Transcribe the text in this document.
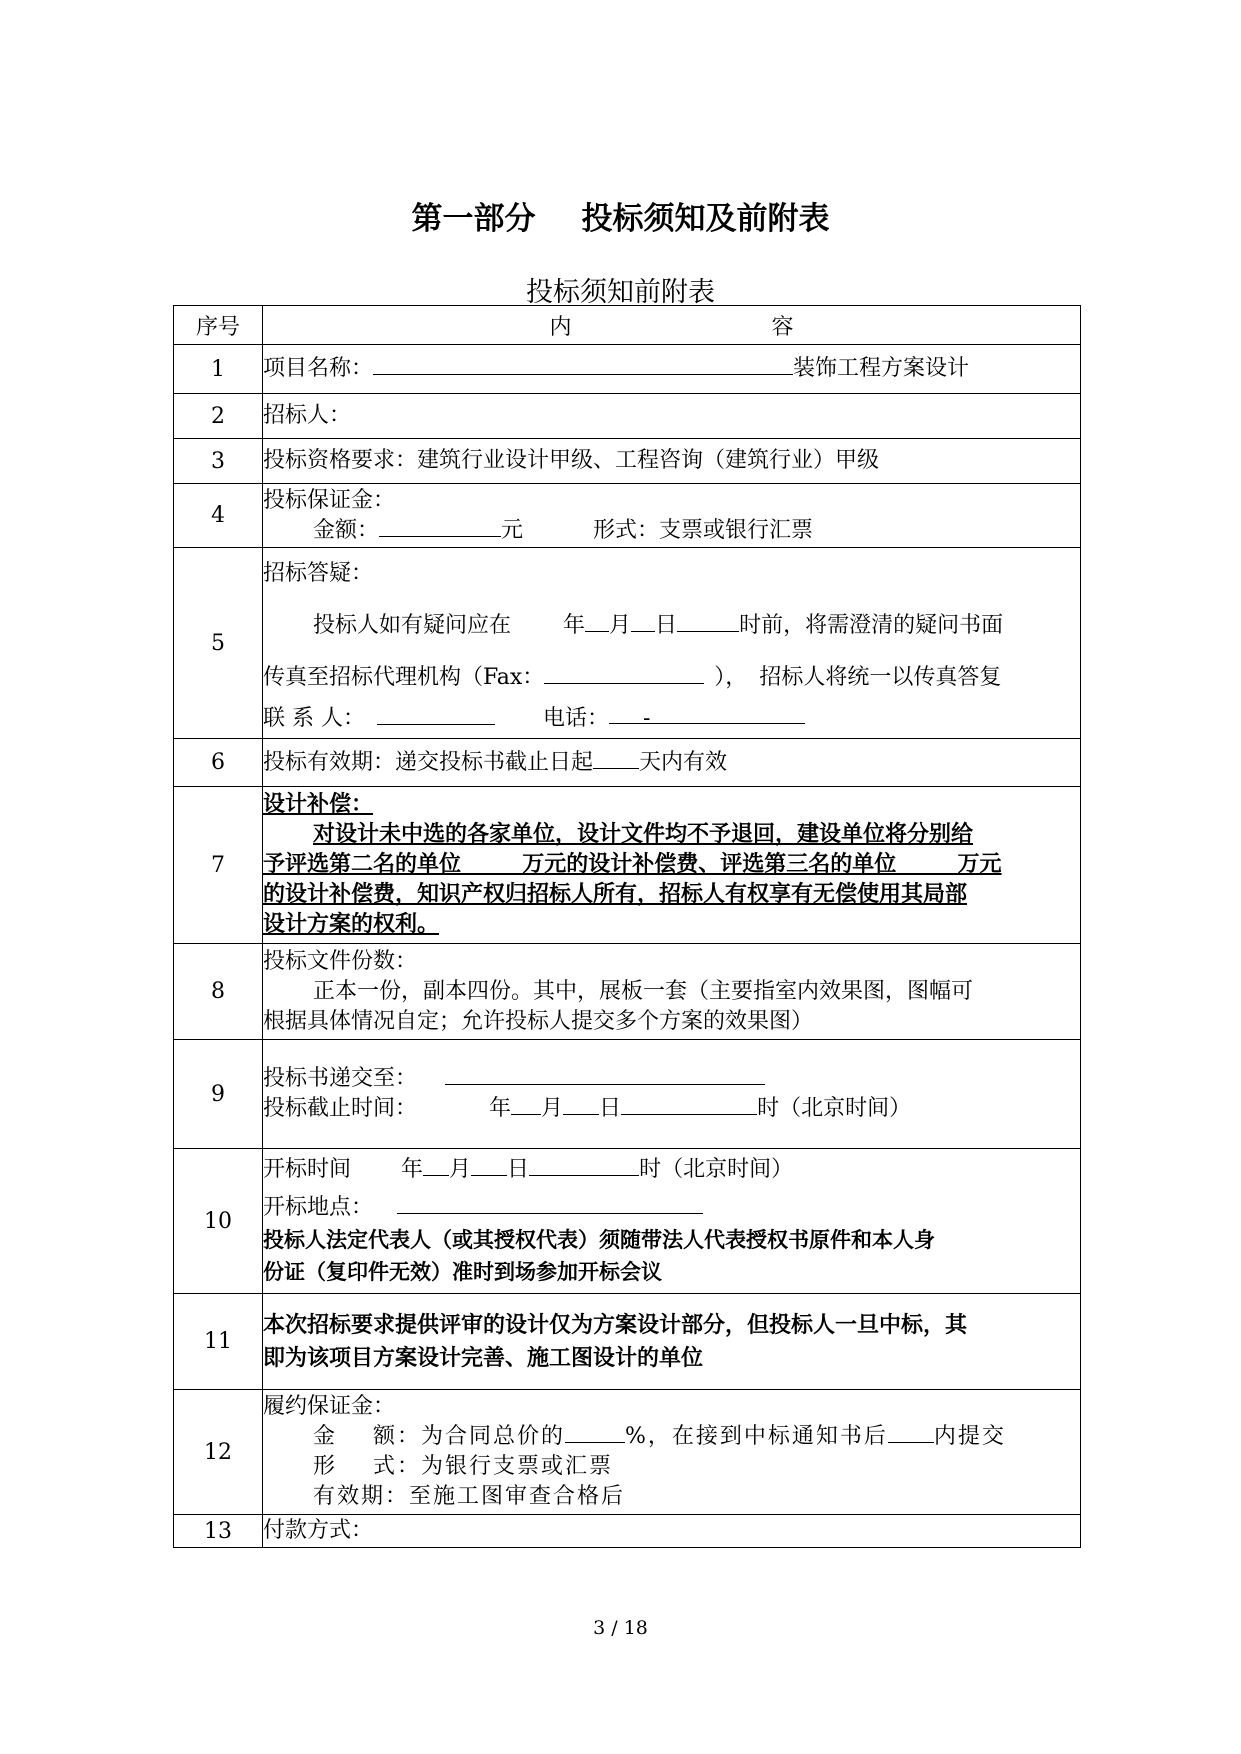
第一部分 投标须知及前附表
投标须知前附表
序号	内 容
1	项目名称： 装饰工程方案设计

2	招标人：

3	投标资格要求：建筑行业设计甲级、工程咨询（建筑行业）甲级

4	投标保证金：
金额： 元 形式：支票或银行汇票

5	招标答疑：
投标人如有疑问应在 年 月 日 时前，将需澄清的疑问书面
传真至招标代理机构（Fax： ）， 招标人将统一以传真答复
联 系 人： 电话： -

6	投标有效期：递交投标书截止日起 天内有效

7	设计补偿：
对设计未中选的各家单位，设计文件均不予退回，建设单位将分别给
予评选第二名的单位        万元的设计补偿费、评选第三名的单位        万元
的设计补偿费，知识产权归招标人所有，招标人有权享有无偿使用其局部
设计方案的权利。

8	投标文件份数：
正本一份，副本四份。其中，展板一套（主要指室内效果图，图幅可
根据具体情况自定；允许投标人提交多个方案的效果图）

9	投标书递交至：
投标截止时间： 年 月 日 时（北京时间）

10	开标时间 年 月 日 时（北京时间）
开标地点：
投标人法定代表人（或其授权代表）须随带法人代表授权书原件和本人身
份证（复印件无效）准时到场参加开标会议

11	本次招标要求提供评审的设计仅为方案设计部分，但投标人一旦中标，其
即为该项目方案设计完善、施工图设计的单位

12	履约保证金：
金    额：为合同总价的 %，在接到中标通知书后 内提交
形    式：为银行支票或汇票
有效期：至施工图审查合格后

13	付款方式：
3 / 18
